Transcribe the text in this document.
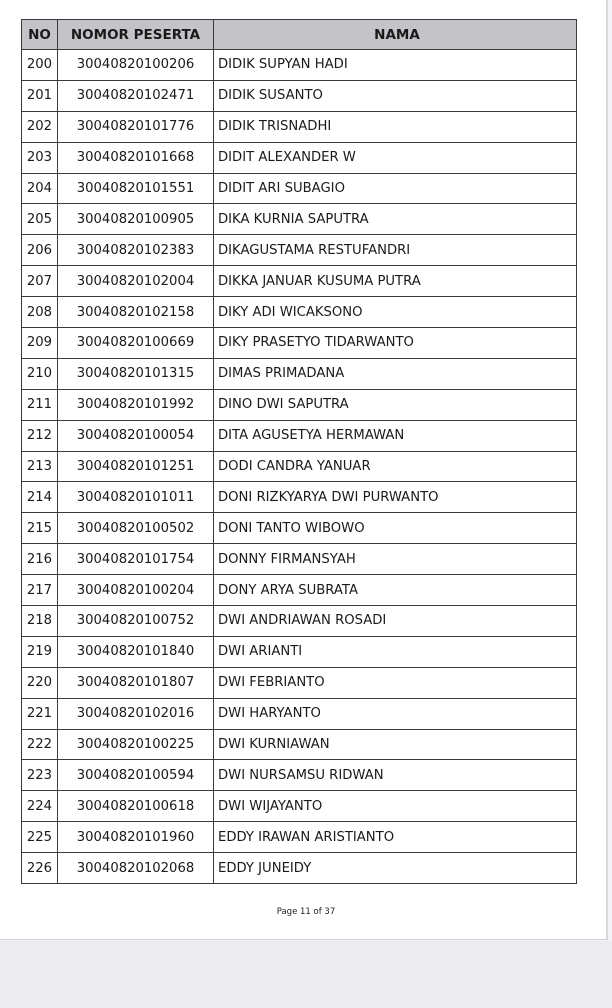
NO	NOMOR PESERTA	NAMA
200	30040820100206	DIDIK SUPYAN HADI
201	30040820102471	DIDIK SUSANTO
202	30040820101776	DIDIK TRISNADHI
203	30040820101668	DIDIT ALEXANDER W
204	30040820101551	DIDIT ARI SUBAGIO
205	30040820100905	DIKA KURNIA SAPUTRA
206	30040820102383	DIKAGUSTAMA RESTUFANDRI
207	30040820102004	DIKKA JANUAR KUSUMA PUTRA
208	30040820102158	DIKY ADI WICAKSONO
209	30040820100669	DIKY PRASETYO TIDARWANTO
210	30040820101315	DIMAS PRIMADANA
211	30040820101992	DINO DWI SAPUTRA
212	30040820100054	DITA AGUSETYA HERMAWAN
213	30040820101251	DODI CANDRA YANUAR
214	30040820101011	DONI RIZKYARYA DWI PURWANTO
215	30040820100502	DONI TANTO WIBOWO
216	30040820101754	DONNY FIRMANSYAH
217	30040820100204	DONY ARYA SUBRATA
218	30040820100752	DWI ANDRIAWAN ROSADI
219	30040820101840	DWI ARIANTI
220	30040820101807	DWI FEBRIANTO
221	30040820102016	DWI HARYANTO
222	30040820100225	DWI KURNIAWAN
223	30040820100594	DWI NURSAMSU RIDWAN
224	30040820100618	DWI WIJAYANTO
225	30040820101960	EDDY IRAWAN ARISTIANTO
226	30040820102068	EDDY JUNEIDY
Page 11 of 37
